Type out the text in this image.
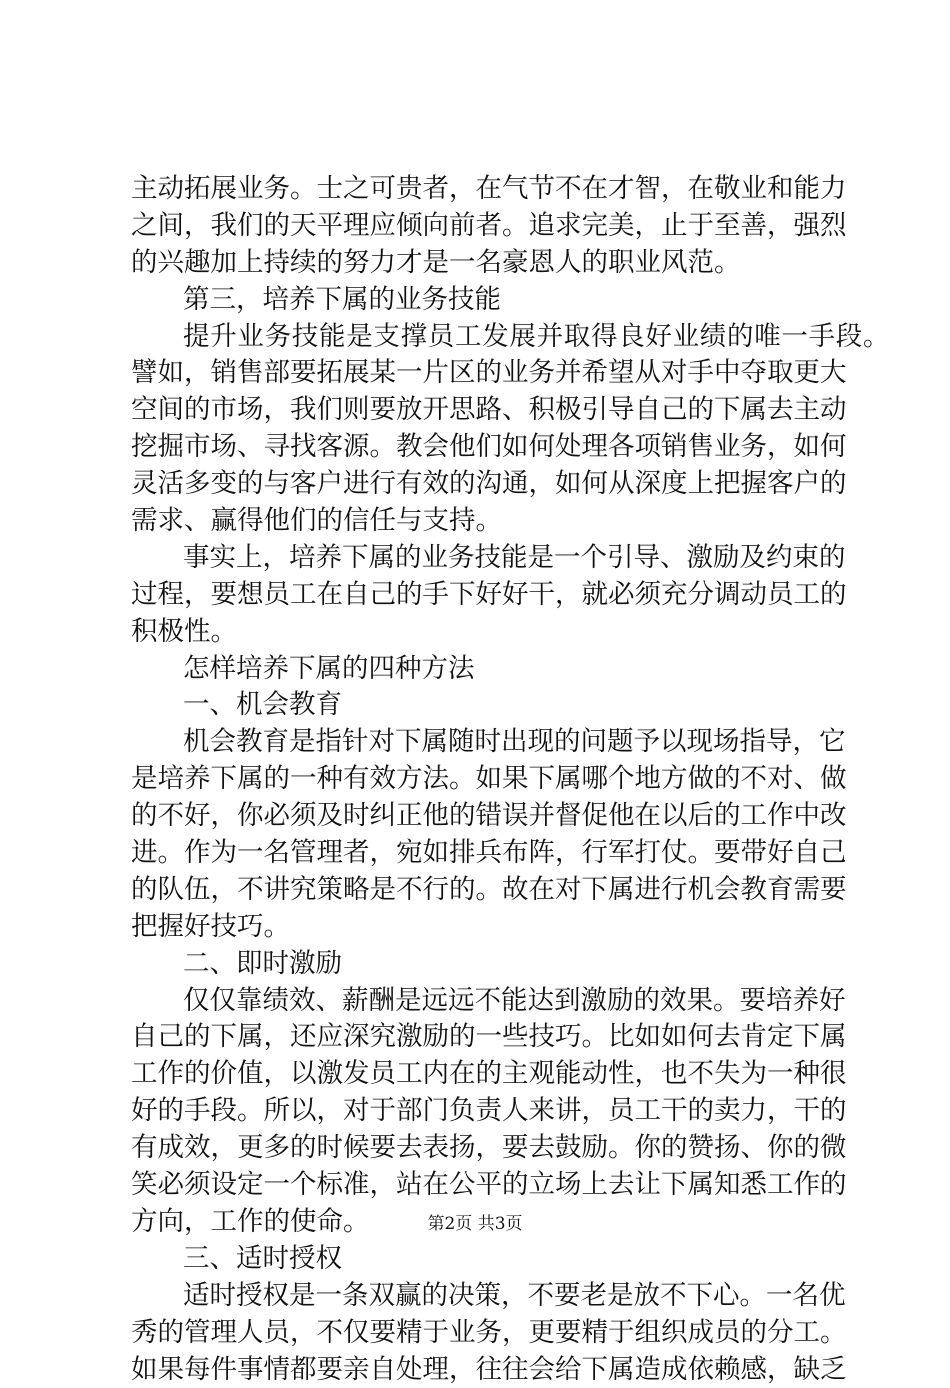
主动拓展业务。士之可贵者，在气节不在才智，在敬业和能力
之间，我们的天平理应倾向前者。追求完美，止于至善，强烈
的兴趣加上持续的努力才是一名豪恩人的职业风范。
第三，培养下属的业务技能
提升业务技能是支撑员工发展并取得良好业绩的唯一手段。
譬如，销售部要拓展某一片区的业务并希望从对手中夺取更大
空间的市场，我们则要放开思路、积极引导自己的下属去主动
挖掘市场、寻找客源。教会他们如何处理各项销售业务，如何
灵活多变的与客户进行有效的沟通，如何从深度上把握客户的
需求、赢得他们的信任与支持。
事实上，培养下属的业务技能是一个引导、激励及约束的
过程，要想员工在自己的手下好好干，就必须充分调动员工的
积极性。
怎样培养下属的四种方法
一、机会教育
机会教育是指针对下属随时出现的问题予以现场指导，它
是培养下属的一种有效方法。如果下属哪个地方做的不对、做
的不好，你必须及时纠正他的错误并督促他在以后的工作中改
进。作为一名管理者，宛如排兵布阵，行军打仗。要带好自己
的队伍，不讲究策略是不行的。故在对下属进行机会教育需要
把握好技巧。
二、即时激励
仅仅靠绩效、薪酬是远远不能达到激励的效果。要培养好
自己的下属，还应深究激励的一些技巧。比如如何去肯定下属
工作的价值，以激发员工内在的主观能动性，也不失为一种很
好的手段。所以，对于部门负责人来讲，员工干的卖力，干的
有成效，更多的时候要去表扬，要去鼓励。你的赞扬、你的微
笑必须设定一个标准，站在公平的立场上去让下属知悉工作的
方向，工作的使命。
三、适时授权
适时授权是一条双赢的决策，不要老是放不下心。一名优
秀的管理人员，不仅要精于业务，更要精于组织成员的分工。
如果每件事情都要亲自处理，往往会给下属造成依赖感，缺乏
第2页 共3页
